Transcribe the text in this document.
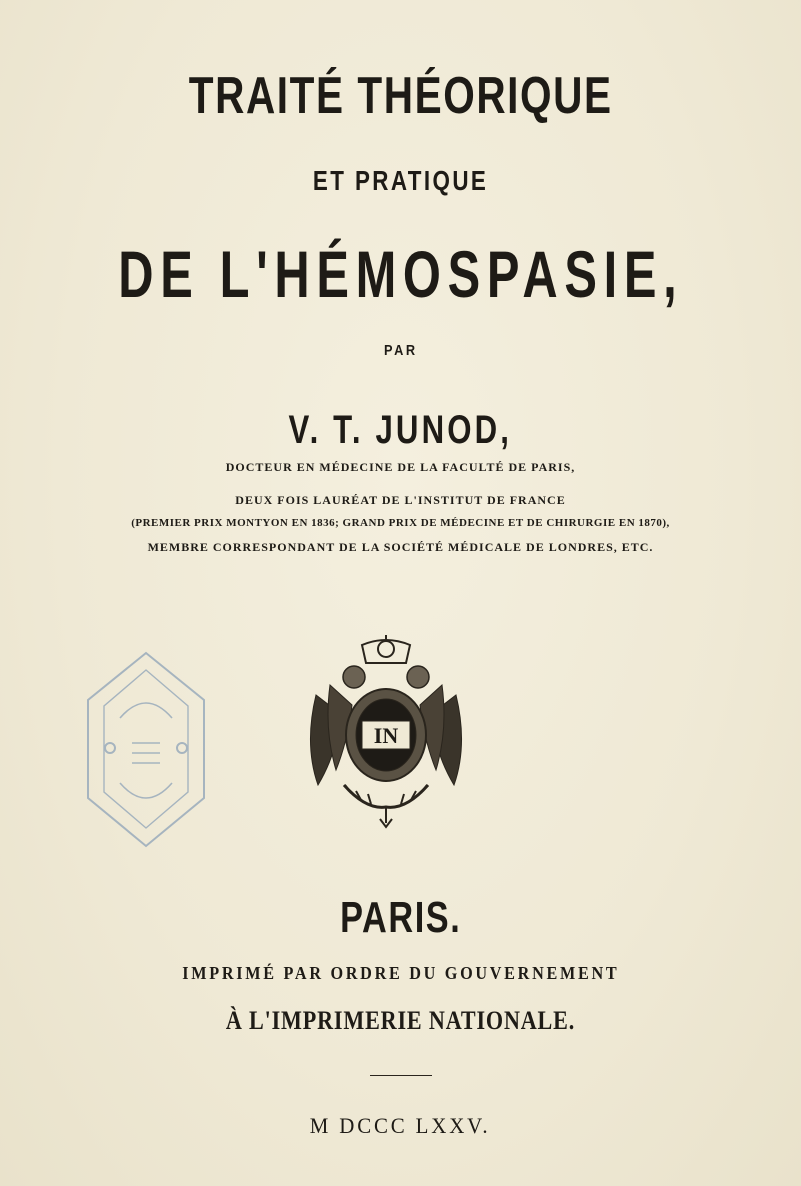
TRAITÉ THÉORIQUE

ET PRATIQUE

DE L'HÉMOSPASIE,

PAR

V. T. JUNOD,

DOCTEUR EN MÉDECINE DE LA FACULTÉ DE PARIS,

DEUX FOIS LAURÉAT DE L'INSTITUT DE FRANCE

(PREMIER PRIX MONTYON EN 1836; GRAND PRIX DE MÉDECINE ET DE CHIRURGIE EN 1870),

MEMBRE CORRESPONDANT DE LA SOCIÉTÉ MÉDICALE DE LONDRES, ETC.

IN

PARIS.

IMPRIMÉ PAR ORDRE DU GOUVERNEMENT

À L'IMPRIMERIE NATIONALE.

M DCCC LXXV.
